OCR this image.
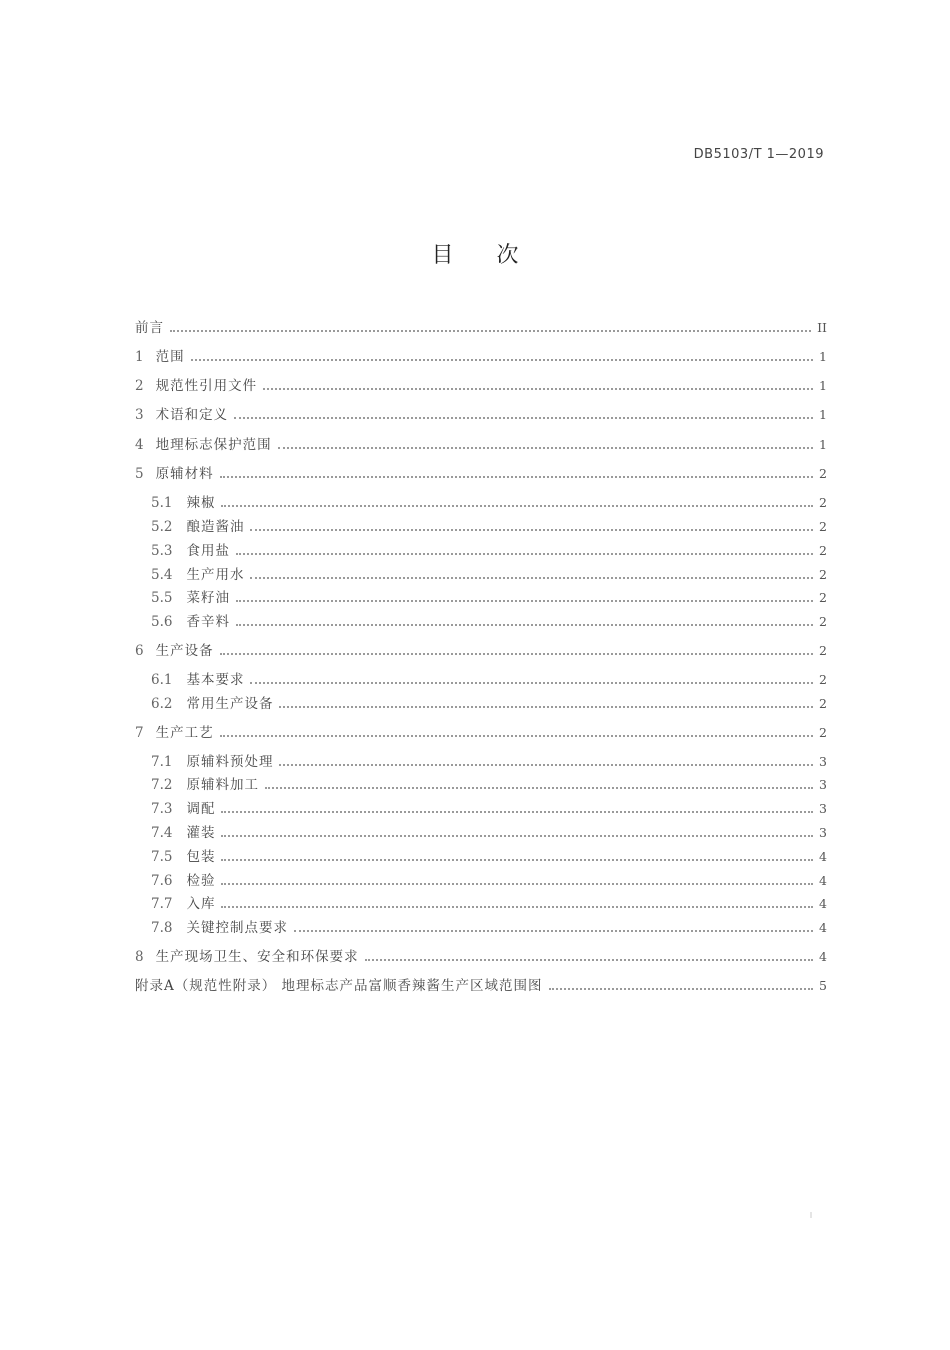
DB5103/T 1—2019
目 次
前言	II
1 范围	1
2 规范性引用文件	1
3 术语和定义	1
4 地理标志保护范围	1
5 原辅材料	2
5.1	辣椒	2
5.2	酿造酱油	2
5.3	食用盐	2
5.4	生产用水	2
5.5	菜籽油	2
5.6	香辛料	2
6 生产设备	2
6.1	基本要求	2
6.2	常用生产设备	2
7 生产工艺	2
7.1	原辅料预处理	3
7.2	原辅料加工	3
7.3	调配	3
7.4	灌装	3
7.5	包装	4
7.6	检验	4
7.7	入库	4
7.8	关键控制点要求	4
8 生产现场卫生、安全和环保要求	4
附录A（规范性附录） 地理标志产品富顺香辣酱生产区域范围图	5
